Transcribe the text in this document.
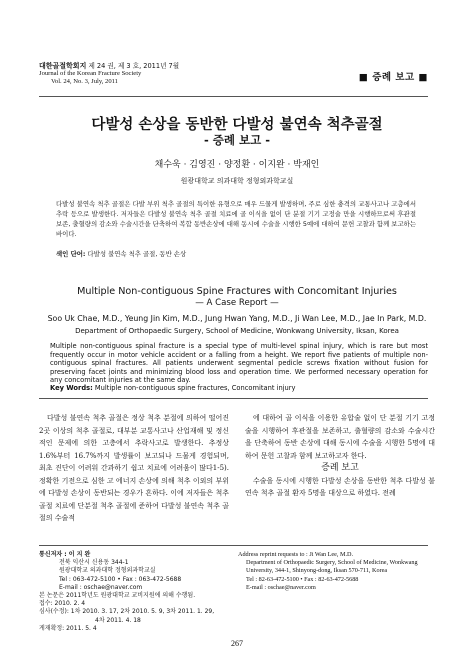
대한골절학회지 제 24 권, 제 3 호, 2011년 7월
Journal of the Korean Fracture Society
Vol. 24, No. 3, July, 2011	■ 증례 보고 ■
다발성 손상을 동반한 다발성 불연속 척추골절
- 증례 보고 -
채수욱 · 김영진 · 양정환 · 이지완 · 박재인
원광대학교 의과대학 정형외과학교실
다발성 불연속 척추 골절은 다발 부위 척추 골절의 특이한 유형으로 매우 드물게 발생하며, 주로 심한 충격의 교통사고나 고층에서 추락 등으로 발생한다. 저자들은 다발성 불연속 척추 골절 치료에 골 이식을 없이 단 분절 기기 고정술 만을 시행하므로써 후관절 보존, 출혈량의 감소와 수술시간을 단축하여 복합 동반손상에 대해 동시에 수술을 시행한 5예에 대하여 문헌 고찰과 함께 보고하는 바이다.
색인 단어: 다발성 불연속 척추 골절, 동반 손상
Multiple Non-contiguous Spine Fractures with Concomitant Injuries
— A Case Report —
Soo Uk Chae, M.D., Yeung Jin Kim, M.D., Jung Hwan Yang, M.D., Ji Wan Lee, M.D., Jae In Park, M.D.
Department of Orthopaedic Surgery, School of Medicine, Wonkwang University, Iksan, Korea
Multiple non-contiguous spinal fracture is a special type of multi-level spinal injury, which is rare but most frequently occur in motor vehicle accident or a falling from a height. We report five patients of multiple non-contiguous spinal fractures. All patients underwent segmental pedicle screws fixation without fusion for preserving facet joints and minimizing blood loss and operation time. We performed necessary operation for any concomitant injuries at the same day.
Key Words: Multiple non-contiguous spine fractures, Concomitant injury

다발성 불연속 척추 골절은 정상 척추 분절에 의하여 떨어진 2곳 이상의 척추 골절로, 대부분 교통사고나 산업재해 및 정신적인 문제에 의한 고층에서 추락사고로 발생한다. 추정상 1.6%부터 16.7%까지 발생률이 보고되나 드물게 경험되며, 최초 진단이 어려워 간과하기 쉽고 치료에 어려움이 많다1-5). 정확한 기전으로 심한 고 에너지 손상에 의해 척추 이외의 부위에 다발성 손상이 동반되는 경우가 흔하다. 이에 저자들은 척추골절 치료에 단분절 척추 골절에 준하여 다발성 불연속 척추 골절의 수술적

에 대하여 골 이식을 이용한 유합술 없이 단 분절 기기 고정술을 시행하여 후관절을 보존하고, 출혈량의 감소와 수술시간을 단축하여 동반 손상에 대해 동시에 수술을 시행한 5명에 대하여 문헌 고찰과 함께 보고하고자 한다.

증례 보고

수술을 동시에 시행한 다발성 손상을 동반한 척추 다발성 불연속 척추 골절 환자 5명을 대상으로 하였다. 전례

통신저자 : 이 지 완
전북 익산시 신용동 344-1
원광대학교 의과대학 정형외과학교실
Tel : 063-472-5100 • Fax : 063-472-5688
E-mail : oschae@naver.com
본 논문은 2011학년도 원광대학교 교비지원에 의해 수행됨.
접수: 2010. 2. 4
심사(수정): 1차 2010. 3. 17, 2차 2010. 5. 9, 3차 2011. 1. 29,
4차 2011. 4. 18
게재확정: 2011. 5. 4
Address reprint requests to : Ji Wan Lee, M.D.
Department of Orthopaedic Surgery, School of Medicine, Wonkwang
University, 344-1, Shinyong-dong, Iksan 570-711, Korea
Tel : 82-63-472-5100 • Fax : 82-63-472-5688
E-mail : oschae@naver.com
267
